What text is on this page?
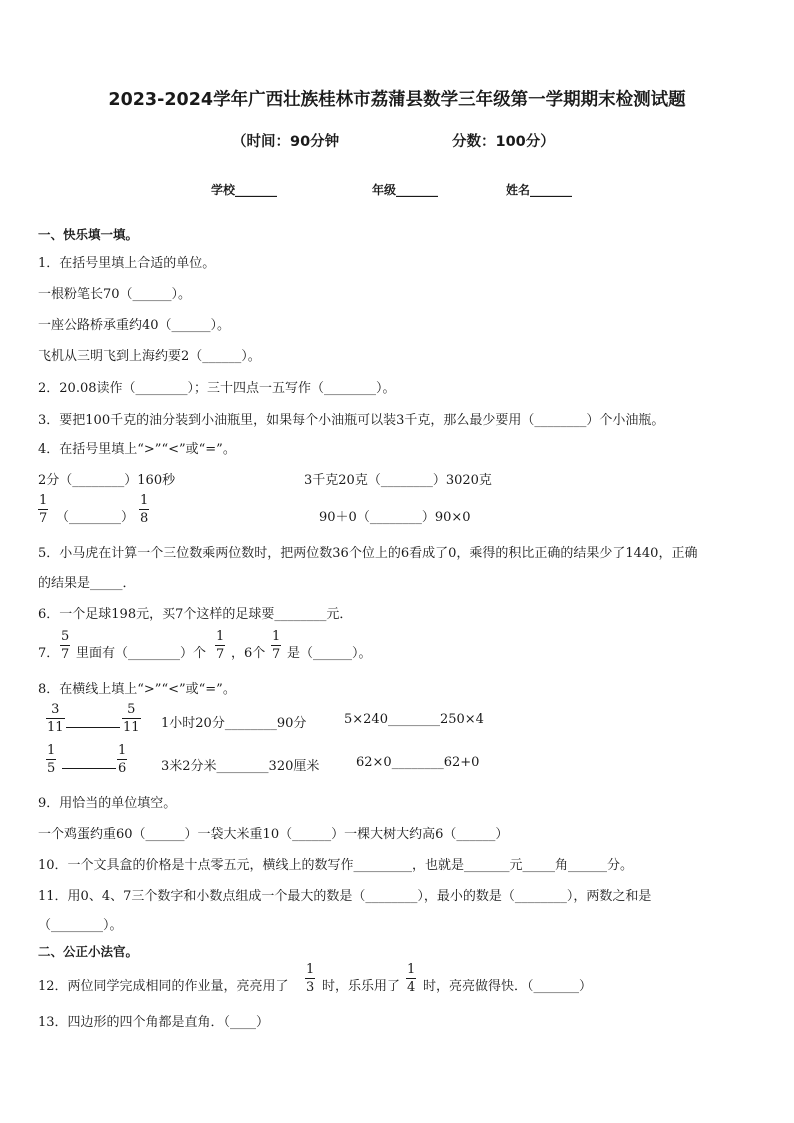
2023-2024学年广西壮族桂林市荔蒲县数学三年级第一学期期末检测试题
（时间：90分钟	分数：100分）
学校_______	年级_______	姓名_______
一、快乐填一填。
1．在括号里填上合适的单位。
一根粉笔长70（______）。
一座公路桥承重约40（______）。
飞机从三明飞到上海约要2（______）。
2．20.08读作（________）；三十四点一五写作（________）。
3．要把100千克的油分装到小油瓶里，如果每个小油瓶可以装3千克，那么最少要用（________）个小油瓶。
4．在括号里填上“>”“<”或“=”。
2分（________）160秒	3千克20克（________）3020克
1
7 （________）
1
8	90＋0（________）90×0
5．小马虎在计算一个三位数乘两位数时，把两位数36个位上的6看成了0，乘得的积比正确的结果少了1440，正确
的结果是_____．
6．一个足球198元，买7个这样的足球要________元．
7．
5
7 里面有（________）个
1
7 ，6个
1
7 是（______）。
8．在横线上填上“>”“<”或“=”。
3
11
5
11 1小时20分________90分	5×240________250×4
1
5
1
6	3米2分米________320厘米	62×0________62+0
9．用恰当的单位填空。
一个鸡蛋约重60（______）一袋大米重10（______）一棵大树大约高6（______）
10．一个文具盒的价格是十点零五元，横线上的数写作_________，也就是_______元_____角______分。
11．用0、4、7三个数字和小数点组成一个最大的数是（________），最小的数是（________），两数之和是
（________）。
二、公正小法官。
12．两位同学完成相同的作业量，亮亮用了
1
3 时，乐乐用了
1
4 时，亮亮做得快．（_______）
13．四边形的四个角都是直角．（____）
